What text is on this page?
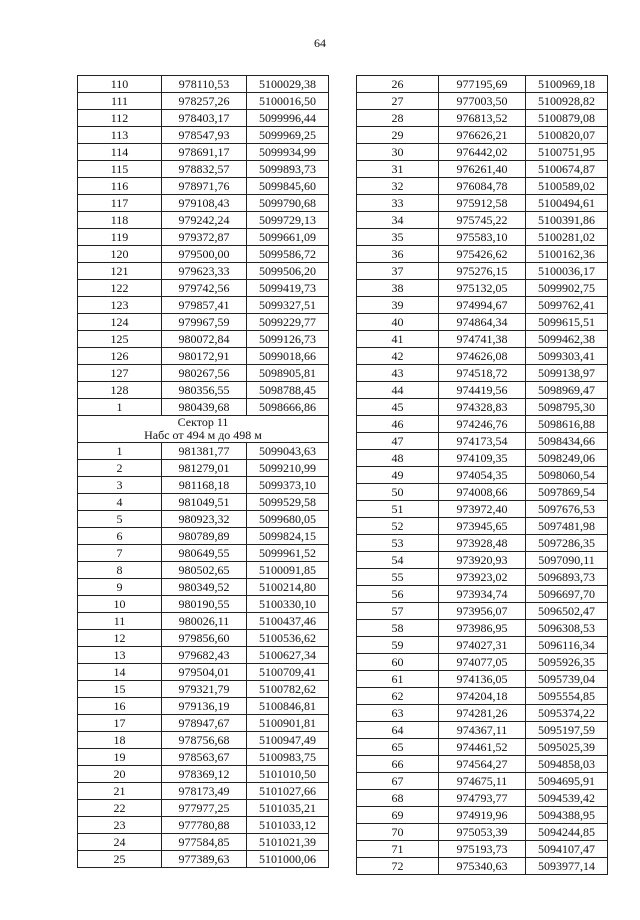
64
110	978110,53	5100029,38
111	978257,26	5100016,50
112	978403,17	5099996,44
113	978547,93	5099969,25
114	978691,17	5099934,99
115	978832,57	5099893,73
116	978971,76	5099845,60
117	979108,43	5099790,68
118	979242,24	5099729,13
119	979372,87	5099661,09
120	979500,00	5099586,72
121	979623,33	5099506,20
122	979742,56	5099419,73
123	979857,41	5099327,51
124	979967,59	5099229,77
125	980072,84	5099126,73
126	980172,91	5099018,66
127	980267,56	5098905,81
128	980356,55	5098788,45
1	980439,68	5098666,86

Сектор 11
Набс от 494 м до 498 м		

1	981381,77	5099043,63
2	981279,01	5099210,99
3	981168,18	5099373,10
4	981049,51	5099529,58
5	980923,32	5099680,05
6	980789,89	5099824,15
7	980649,55	5099961,52
8	980502,65	5100091,85
9	980349,52	5100214,80
10	980190,55	5100330,10
11	980026,11	5100437,46
12	979856,60	5100536,62
13	979682,43	5100627,34
14	979504,01	5100709,41
15	979321,79	5100782,62
16	979136,19	5100846,81
17	978947,67	5100901,81
18	978756,68	5100947,49
19	978563,67	5100983,75
20	978369,12	5101010,50
21	978173,49	5101027,66
22	977977,25	5101035,21
23	977780,88	5101033,12
24	977584,85	5101021,39
25	977389,63	5101000,06
26	977195,69	5100969,18
27	977003,50	5100928,82
28	976813,52	5100879,08
29	976626,21	5100820,07
30	976442,02	5100751,95
31	976261,40	5100674,87
32	976084,78	5100589,02
33	975912,58	5100494,61
34	975745,22	5100391,86
35	975583,10	5100281,02
36	975426,62	5100162,36
37	975276,15	5100036,17
38	975132,05	5099902,75
39	974994,67	5099762,41
40	974864,34	5099615,51
41	974741,38	5099462,38
42	974626,08	5099303,41
43	974518,72	5099138,97
44	974419,56	5098969,47
45	974328,83	5098795,30
46	974246,76	5098616,88
47	974173,54	5098434,66
48	974109,35	5098249,06
49	974054,35	5098060,54
50	974008,66	5097869,54
51	973972,40	5097676,53
52	973945,65	5097481,98
53	973928,48	5097286,35
54	973920,93	5097090,11
55	973923,02	5096893,73
56	973934,74	5096697,70
57	973956,07	5096502,47
58	973986,95	5096308,53
59	974027,31	5096116,34
60	974077,05	5095926,35
61	974136,05	5095739,04
62	974204,18	5095554,85
63	974281,26	5095374,22
64	974367,11	5095197,59
65	974461,52	5095025,39
66	974564,27	5094858,03
67	974675,11	5094695,91
68	974793,77	5094539,42
69	974919,96	5094388,95
70	975053,39	5094244,85
71	975193,73	5094107,47
72	975340,63	5093977,14
